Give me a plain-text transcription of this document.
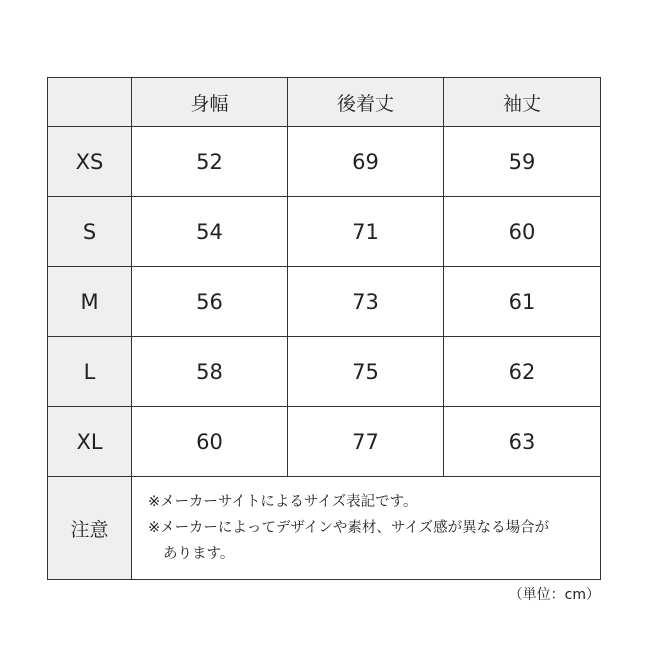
	身幅	後着丈	袖丈
XS	52	69	59
S	54	71	60
M	56	73	61
L	58	75	62
XL	60	77	63
注意	※メーカーサイトによるサイズ表記です。
※メーカーによってデザインや素材、サイズ感が異なる場合が
あります。		
（単位：cm）
